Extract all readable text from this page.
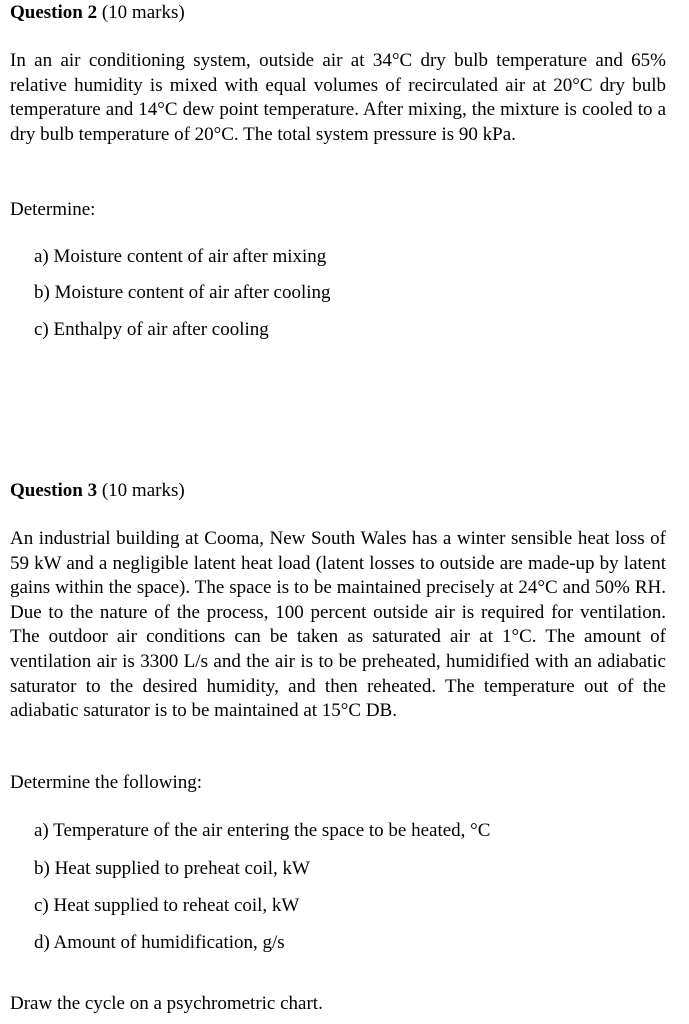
Question 2 (10 marks)

In an air conditioning system, outside air at 34°C dry bulb temperature and 65% relative humidity is mixed with equal volumes of recirculated air at 20°C dry bulb temperature and 14°C dew point temperature. After mixing, the mixture is cooled to a dry bulb temperature of 20°C. The total system pressure is 90 kPa.

Determine:

a) Moisture content of air after mixing

b) Moisture content of air after cooling

c) Enthalpy of air after cooling

Question 3 (10 marks)

An industrial building at Cooma, New South Wales has a winter sensible heat loss of 59 kW and a negligible latent heat load (latent losses to outside are made-up by latent gains within the space). The space is to be maintained precisely at 24°C and 50% RH. Due to the nature of the process, 100 percent outside air is required for ventilation. The outdoor air conditions can be taken as saturated air at 1°C. The amount of ventilation air is 3300 L/s and the air is to be preheated, humidified with an adiabatic saturator to the desired humidity, and then reheated. The temperature out of the adiabatic saturator is to be maintained at 15°C DB.

Determine the following:

a) Temperature of the air entering the space to be heated, °C

b) Heat supplied to preheat coil, kW

c) Heat supplied to reheat coil, kW

d) Amount of humidification, g/s

Draw the cycle on a psychrometric chart.
